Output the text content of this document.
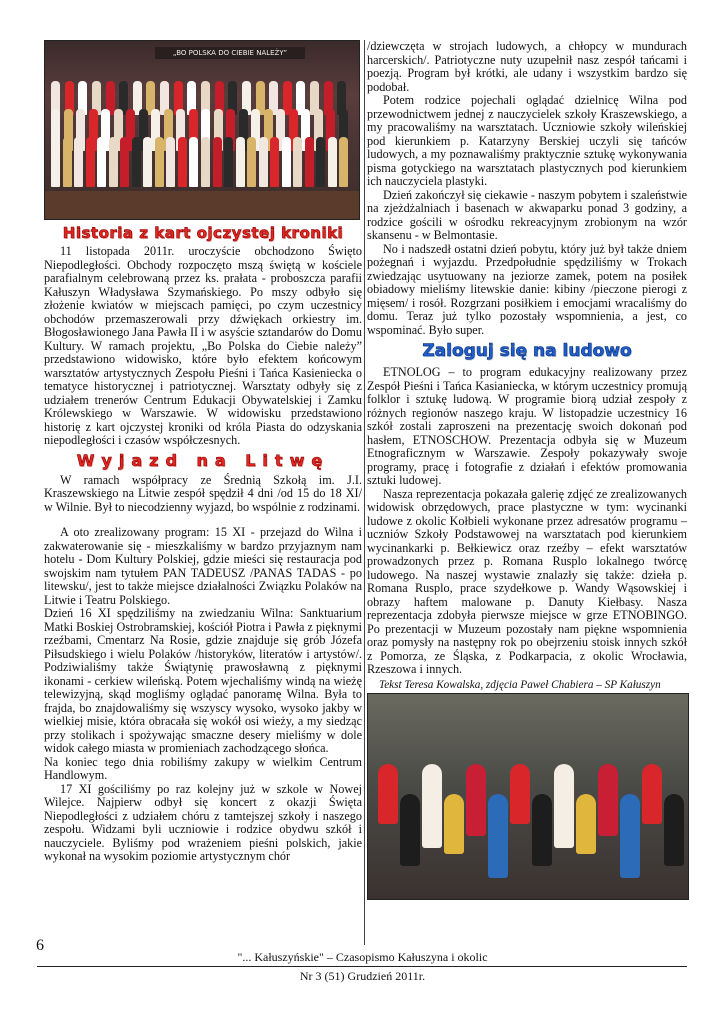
„BO POLSKA DO CIEBIE NALEŻY”
Historia z kart ojczystej kroniki

11 listopada 2011r. uroczyście obchodzono Święto Niepodległości. Obchody rozpoczęto mszą świętą w kościele parafialnym celebrowaną przez ks. prałata - proboszcza parafii Kałuszyn Władysława Szymańskiego. Po mszy odbyło się złożenie kwiatów w miejscach pamięci, po czym uczestnicy obchodów przemaszerowali przy dźwiękach orkiestry im. Błogosławionego Jana Pawła II i w asyście sztandarów do Domu Kultury. W ramach projektu, „Bo Polska do Ciebie należy” przedstawiono widowisko, które było efektem końcowym warsztatów artystycznych Zespołu Pieśni i Tańca Kasieniecka o tematyce historycznej i patriotycznej. Warsztaty odbyły się z udziałem trenerów Centrum Edukacji Obywatelskiej i Zamku Królewskiego w Warszawie. W widowisku przedstawiono historię z kart ojczystej kroniki od króla Piasta do odzyskania niepodległości i czasów współczesnych.

Wyjazd na Litwę

W ramach współpracy ze Średnią Szkołą im. J.I. Kraszewskiego na Litwie zespół spędził 4 dni /od 15 do 18 XI/ w Wilnie. Był to niecodzienny wyjazd, bo wspólnie z rodzinami.

A oto zrealizowany program: 15 XI - przejazd do Wilna i zakwaterowanie się - mieszkaliśmy w bardzo przyjaznym nam hotelu - Dom Kultury Polskiej, gdzie mieści się restauracja pod swojskim nam tytułem PAN TADEUSZ /PANAS TADAS - po litewsku/, jest to także miejsce działalności Związku Polaków na Litwie i Teatru Polskiego.

Dzień 16 XI spędziliśmy na zwiedzaniu Wilna: Sanktuarium Matki Boskiej Ostrobramskiej, kościół Piotra i Pawła z pięknymi rzeźbami, Cmentarz Na Rosie, gdzie znajduje się grób Józefa Piłsudskiego i wielu Polaków /historyków, literatów i artystów/. Podziwialiśmy także Świątynię prawosławną z pięknymi ikonami - cerkiew wileńską. Potem wjechaliśmy windą na wieżę telewizyjną, skąd mogliśmy oglądać panoramę Wilna. Była to frajda, bo znajdowaliśmy się wszyscy wysoko, wysoko jakby w wielkiej misie, która obracała się wokół osi wieży, a my siedząc przy stolikach i spożywając smaczne desery mieliśmy w dole widok całego miasta w promieniach zachodzącego słońca.

Na koniec tego dnia robiliśmy zakupy w wielkim Centrum Handlowym.

17 XI gościliśmy po raz kolejny już w szkole w Nowej Wilejce. Najpierw odbył się koncert z okazji Święta Niepodległości z udziałem chóru z tamtejszej szkoły i naszego zespołu. Widzami byli uczniowie i rodzice obydwu szkół i nauczyciele. Byliśmy pod wrażeniem pieśni polskich, jakie wykonał na wysokim poziomie artystycznym chór

/dziewczęta w strojach ludowych, a chłopcy w mundurach harcerskich/. Patriotyczne nuty uzupełnił nasz zespół tańcami i poezją. Program był krótki, ale udany i wszystkim bardzo się podobał.

Potem rodzice pojechali oglądać dzielnicę Wilna pod przewodnictwem jednej z nauczycielek szkoły Kraszewskiego, a my pracowaliśmy na warsztatach. Uczniowie szkoły wileńskiej pod kierunkiem p. Katarzyny Berskiej uczyli się tańców ludowych, a my poznawaliśmy praktycznie sztukę wykonywania pisma gotyckiego na warsztatach plastycznych pod kierunkiem ich nauczyciela plastyki.

Dzień zakończył się ciekawie - naszym pobytem i szaleństwie na zjeżdżalniach i basenach w akwaparku ponad 3 godziny, a rodzice gościli w ośrodku rekreacyjnym zrobionym na wzór skansenu - w Belmontasie.

No i nadszedł ostatni dzień pobytu, który już był także dniem pożegnań i wyjazdu. Przedpołudnie spędziliśmy w Trokach zwiedzając usytuowany na jeziorze zamek, potem na posiłek obiadowy mieliśmy litewskie danie: kibiny /pieczone pierogi z mięsem/ i rosół. Rozgrzani posiłkiem i emocjami wracaliśmy do domu. Teraz już tylko pozostały wspomnienia, a jest, co wspominać. Było super.

Zaloguj się na ludowo

ETNOLOG – to program edukacyjny realizowany przez Zespół Pieśni i Tańca Kasianiecka, w którym uczestnicy promują folklor i sztukę ludową. W programie biorą udział zespoły z różnych regionów naszego kraju. W listopadzie uczestnicy 16 szkół zostali zaproszeni na prezentację swoich dokonań pod hasłem, ETNOSCHOW. Prezentacja odbyła się w Muzeum Etnograficznym w Warszawie. Zespoły pokazywały swoje programy, pracę i fotografie z działań i efektów promowania sztuki ludowej.

Nasza reprezentacja pokazała galerię zdjęć ze zrealizowanych widowisk obrzędowych, prace plastyczne w tym: wycinanki ludowe z okolic Kołbieli wykonane przez adresatów programu – uczniów Szkoły Podstawowej na warsztatach pod kierunkiem wycinankarki p. Bełkiewicz oraz rzeźby – efekt warsztatów prowadzonych przez p. Romana Rusplo lokalnego twórcę ludowego. Na naszej wystawie znalazły się także: dzieła p. Romana Rusplo, prace szydełkowe p. Wandy Wąsowskiej i obrazy haftem malowane p. Danuty Kiełbasy. Nasza reprezentacja zdobyła pierwsze miejsce w grze ETNOBINGO. Po prezentacji w Muzeum pozostały nam piękne wspomnienia oraz pomysły na następny rok po obejrzeniu stoisk innych szkół z Pomorza, ze Śląska, z Podkarpacia, z okolic Wrocławia, Rzeszowa i innych.

Tekst Teresa Kowalska, zdjęcia Paweł Chabiera – SP Kałuszyn
6
"... Kałuszyńskie" – Czasopismo Kałuszyna i okolic
Nr 3 (51) Grudzień 2011r.
